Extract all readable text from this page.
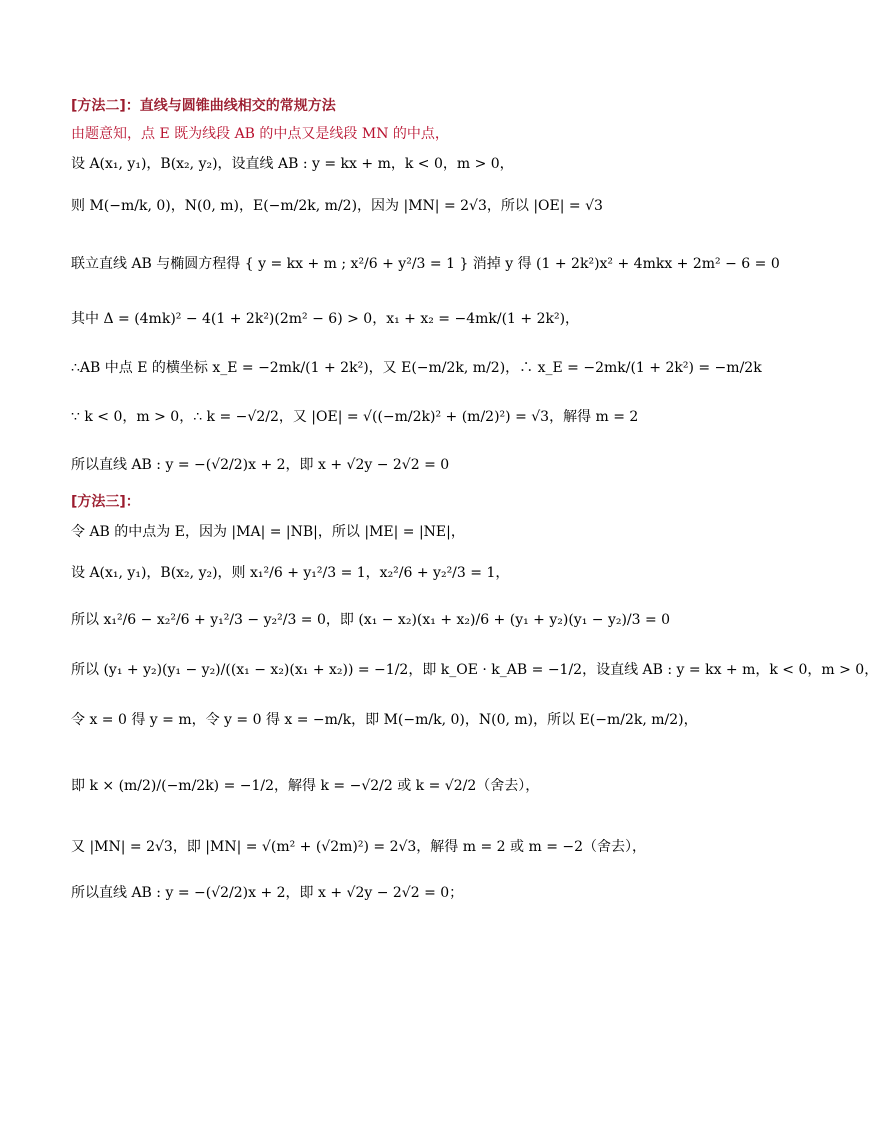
[方法二]：直线与圆锥曲线相交的常规方法
由题意知，点 E 既为线段 AB 的中点又是线段 MN 的中点，
设 A(x₁, y₁)，B(x₂, y₂)，设直线 AB : y = kx + m，k < 0，m > 0，
则 M(−m/k, 0)，N(0, m)，E(−m/2k, m/2)，因为 |MN| = 2√3，所以 |OE| = √3
联立直线 AB 与椭圆方程得 { y = kx + m ; x²/6 + y²/3 = 1 } 消掉 y 得 (1 + 2k²)x² + 4mkx + 2m² − 6 = 0
其中 Δ = (4mk)² − 4(1 + 2k²)(2m² − 6) > 0，x₁ + x₂ = −4mk/(1 + 2k²)，
∴AB 中点 E 的横坐标 x_E = −2mk/(1 + 2k²)，又 E(−m/2k, m/2)，∴ x_E = −2mk/(1 + 2k²) = −m/2k
∵ k < 0，m > 0，∴ k = −√2/2，又 |OE| = √((−m/2k)² + (m/2)²) = √3，解得 m = 2
所以直线 AB : y = −(√2/2)x + 2，即 x + √2y − 2√2 = 0
[方法三]：
令 AB 的中点为 E，因为 |MA| = |NB|，所以 |ME| = |NE|，
设 A(x₁, y₁)，B(x₂, y₂)，则 x₁²/6 + y₁²/3 = 1，x₂²/6 + y₂²/3 = 1，
所以 x₁²/6 − x₂²/6 + y₁²/3 − y₂²/3 = 0，即 (x₁ − x₂)(x₁ + x₂)/6 + (y₁ + y₂)(y₁ − y₂)/3 = 0
所以 (y₁ + y₂)(y₁ − y₂)/((x₁ − x₂)(x₁ + x₂)) = −1/2，即 k_OE · k_AB = −1/2，设直线 AB : y = kx + m，k < 0，m > 0，
令 x = 0 得 y = m，令 y = 0 得 x = −m/k，即 M(−m/k, 0)，N(0, m)，所以 E(−m/2k, m/2)，
即 k × (m/2)/(−m/2k) = −1/2，解得 k = −√2/2 或 k = √2/2（舍去），
又 |MN| = 2√3，即 |MN| = √(m² + (√2m)²) = 2√3，解得 m = 2 或 m = −2（舍去），
所以直线 AB : y = −(√2/2)x + 2，即 x + √2y − 2√2 = 0；
